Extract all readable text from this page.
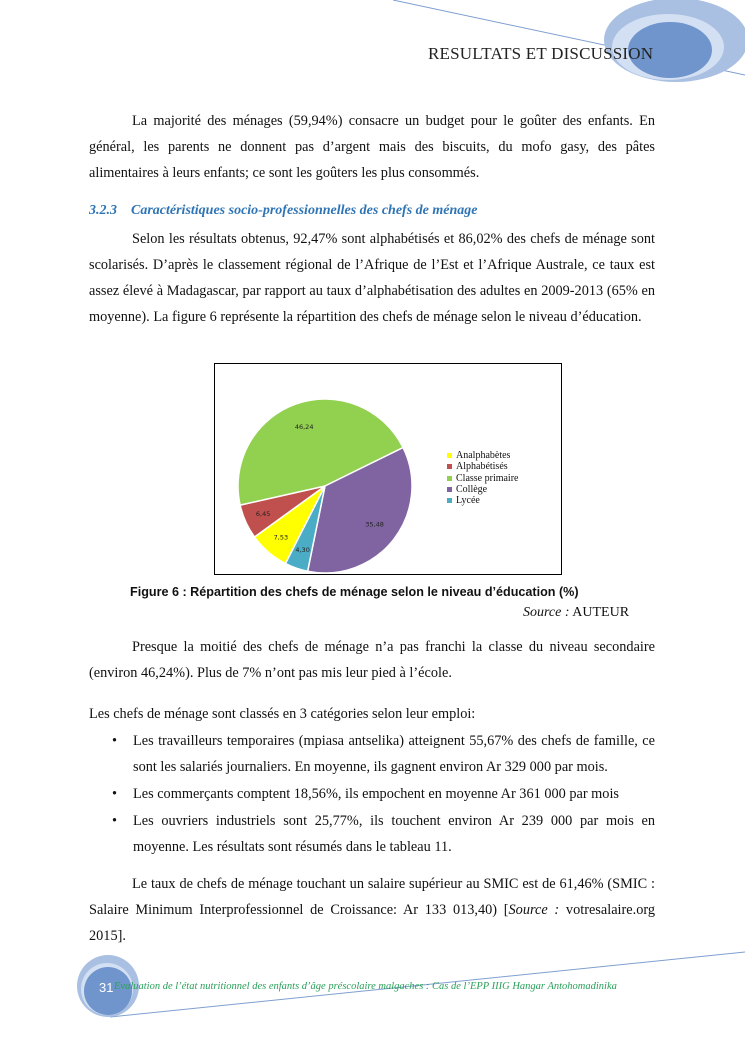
RESULTATS ET DISCUSSION
La majorité des ménages (59,94%) consacre un budget pour le goûter des enfants. En général, les parents ne donnent pas d’argent mais des biscuits, du mofo gasy, des pâtes alimentaires à leurs enfants; ce sont les goûters les plus consommés.
3.2.3 Caractéristiques socio-professionnelles des chefs de ménage
Selon les résultats obtenus, 92,47% sont alphabétisés et 86,02% des chefs de ménage sont scolarisés. D’après le classement régional de l’Afrique de l’Est et l’Afrique Australe, ce taux est assez élevé à Madagascar, par rapport au taux d’alphabétisation des adultes en 2009-2013 (65% en moyenne). La figure 6 représente la répartition des chefs de ménage selon le niveau d’éducation.
7,53
6,45
46,24
35,48
4,30
Analphabètes
Alphabétisés
Classe primaire
Collège
Lycée
Figure 6 : Répartition des chefs de ménage selon le niveau d’éducation (%)
Source : AUTEUR
Presque la moitié des chefs de ménage n’a pas franchi la classe du niveau secondaire (environ 46,24%). Plus de 7% n’ont pas mis leur pied à l’école.
Les chefs de ménage sont classés en 3 catégories selon leur emploi:
• Les travailleurs temporaires (mpiasa antselika) atteignent 55,67% des chefs de famille, ce sont les salariés journaliers. En moyenne, ils gagnent environ Ar 329 000 par mois.
• Les commerçants comptent 18,56%, ils empochent en moyenne Ar 361 000 par mois
• Les ouvriers industriels sont 25,77%, ils touchent environ Ar 239 000 par mois en moyenne. Les résultats sont résumés dans le tableau 11.
Le taux de chefs de ménage touchant un salaire supérieur au SMIC est de 61,46% (SMIC : Salaire Minimum Interprofessionnel de Croissance: Ar 133 013,40) [Source : votresalaire.org 2015].
31 Evaluation de l’état nutritionnel des enfants d’âge préscolaire malgaches : Cas de l’EPP IIIG Hangar Antohomadinika
